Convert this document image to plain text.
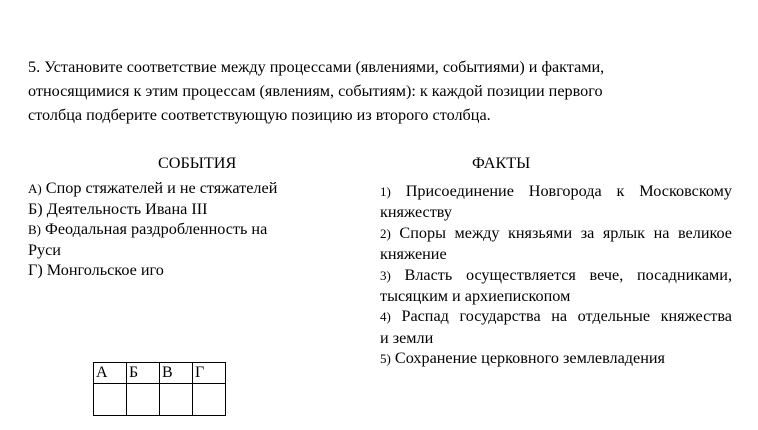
5. Установите соответствие между процессами (явлениями, событиями) и фактами,

относящимися к этим процессам (явлениям, событиям): к каждой позиции первого

столбца подберите соответствующую позицию из второго столбца.

СОБЫТИЯ	ФАКТЫ
А) Спор стяжателей и не стяжателей
Б) Деятельность Ивана III
В) Феодальная раздробленность на
Руси
Г) Монгольское иго
1) Присоединение Новгорода к Московскому
княжеству
2) Споры между князьями за ярлык на великое
княжение
3) Власть осуществляется вече, посадниками,
тысяцким и архиепископом
4) Распад государства на отдельные княжества
и земли
5) Сохранение церковного землевладения
А	Б	В	Г
